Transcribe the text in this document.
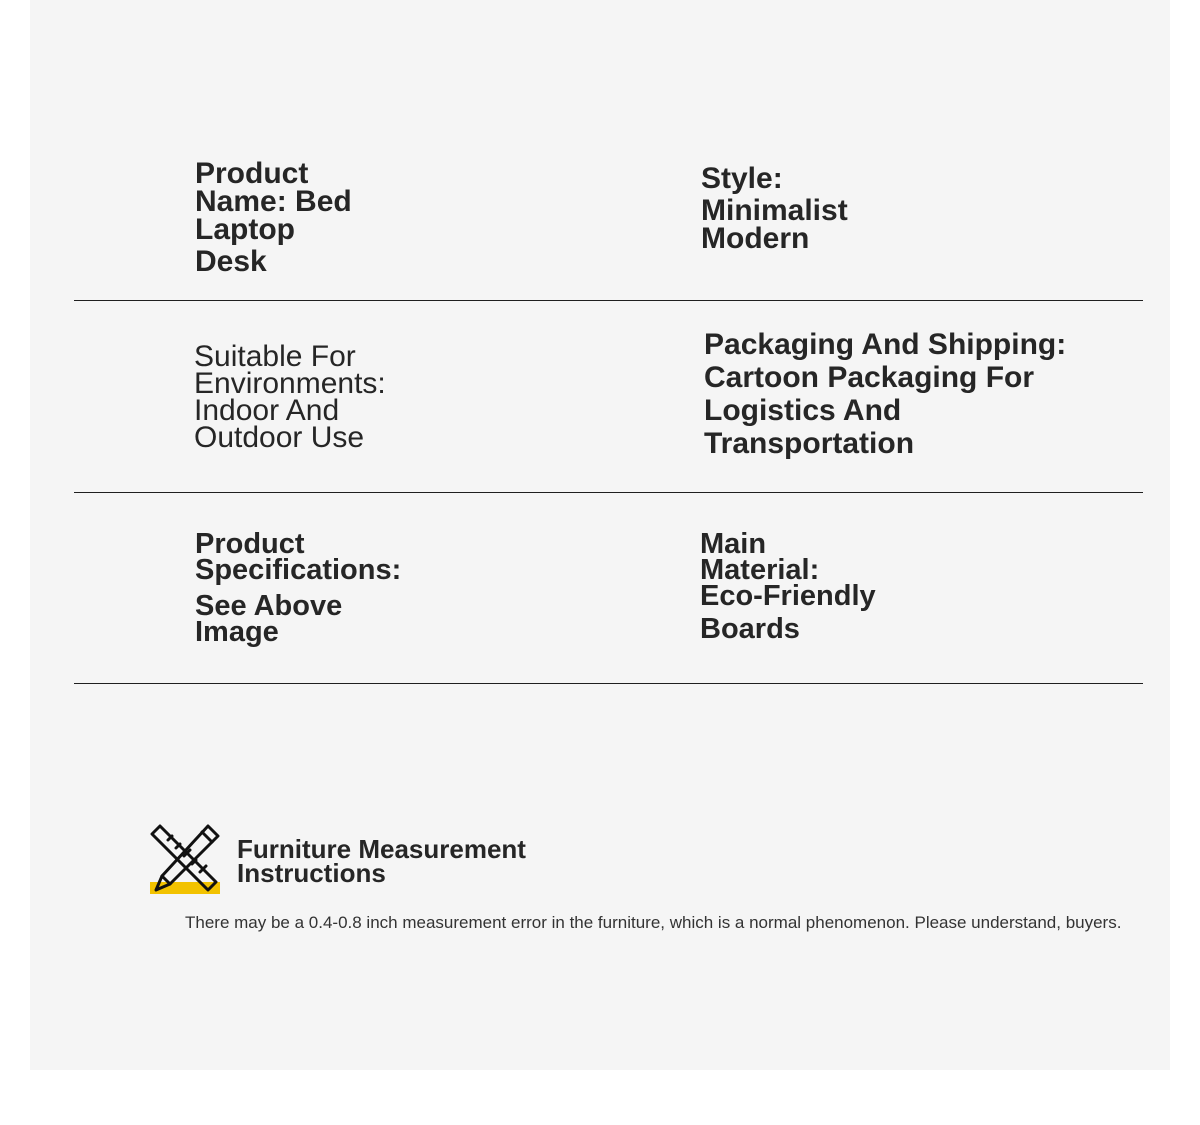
Product
Name: Bed
Laptop
Desk
Style:
Minimalist
Modern
Suitable For
Environments:
Indoor And
Outdoor Use
Packaging And Shipping:
Cartoon Packaging For
Logistics And
Transportation
Product
Specifications:
See Above
Image
Main
Material:
Eco-Friendly
Boards
Furniture Measurement
Instructions

There may be a 0.4-0.8 inch measurement error in the furniture, which is a normal phenomenon. Please understand, buyers.
